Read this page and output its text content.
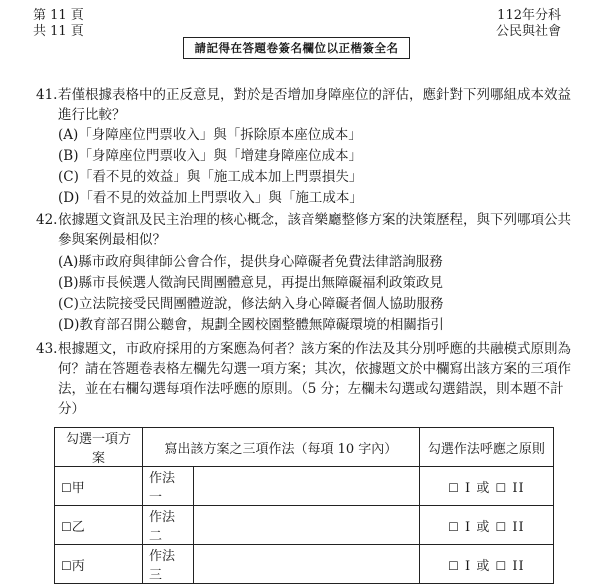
第 11 頁
共 11 頁
請記得在答題卷簽名欄位以正楷簽全名
112年分科
公民與社會
41. 若僅根據表格中的正反意見，對於是否增加身障座位的評估，應針對下列哪組成本效益進行比較？
(A)「身障座位門票收入」與「拆除原本座位成本」
(B)「身障座位門票收入」與「增建身障座位成本」
(C)「看不見的效益」與「施工成本加上門票損失」
(D)「看不見的效益加上門票收入」與「施工成本」
42. 依據題文資訊及民主治理的核心概念，該音樂廳整修方案的決策歷程，與下列哪項公共參與案例最相似？
(A)縣市政府與律師公會合作，提供身心障礙者免費法律諮詢服務
(B)縣市長候選人徵詢民間團體意見，再提出無障礙福利政策政見
(C)立法院接受民間團體遊說，修法納入身心障礙者個人協助服務
(D)教育部召開公聽會，規劃全國校園整體無障礙環境的相關指引
43. 根據題文，市政府採用的方案應為何者？該方案的作法及其分別呼應的共融模式原則為何？請在答題卷表格左欄先勾選一項方案；其次，依據題文於中欄寫出該方案的三項作法，並在右欄勾選每項作法呼應的原則。（5 分；左欄未勾選或勾選錯誤，則本題不計分）
勾選一項方案	寫出該方案之三項作法（每項 10 字內）		勾選作法呼應之原則
☐甲	作法一		☐ I 或 ☐ II
☐乙	作法二		☐ I 或 ☐ II
☐丙	作法三		☐ I 或 ☐ II
